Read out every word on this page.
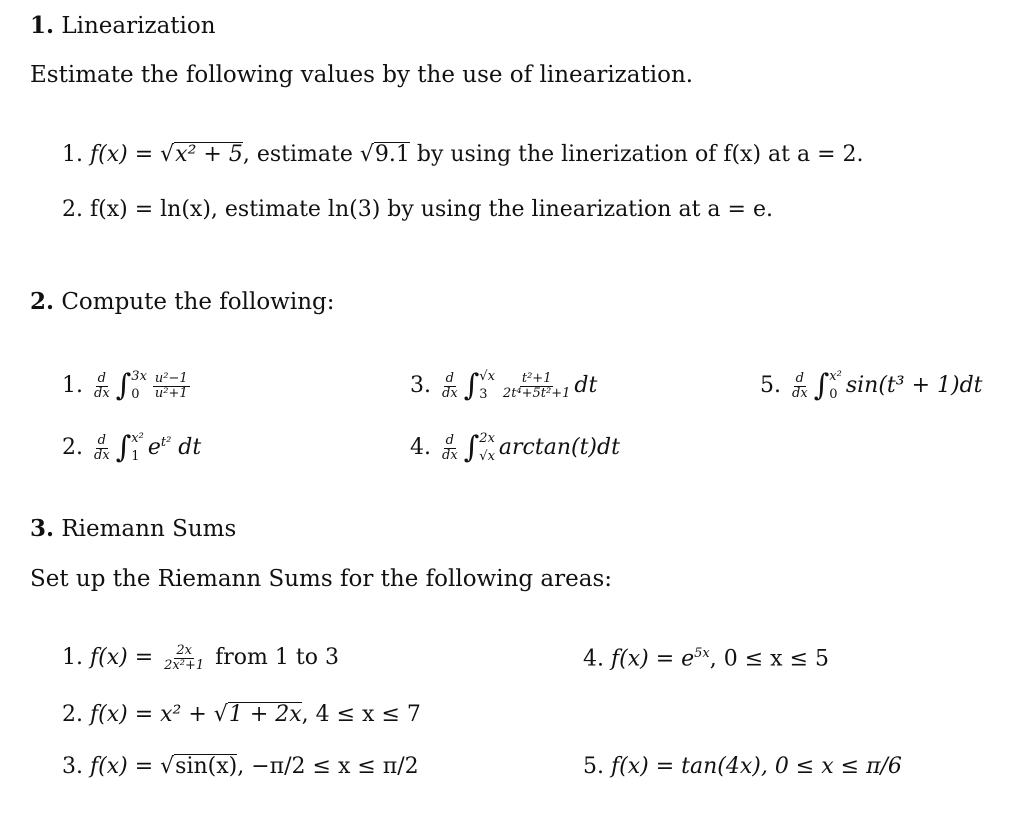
1. Linearization
Estimate the following values by the use of linearization.
1. f(x) = √x² + 5, estimate √9.1 by using the linerization of f(x) at a = 2.
2. f(x) = ln(x), estimate ln(3) by using the linearization at a = e.
2. Compute the following:
1. $\frac{d}{dx}$ ∫ 3x
0	$\frac{\text{u²−1}}{\text{u²+1}}$
2. $\frac{d}{dx}$ ∫ x²
1 $e^{t^2}$ dt
3. $\frac{d}{dx}$ ∫ √x
3	$\frac{\text{t²+1}}{\text{2t⁴+5t²+1}}$ dt
4. $\frac{d}{dx}$ ∫ 2x
√x arctan(t)dt
5. $\frac{d}{dx}$ ∫ x²
0 sin(t³ + 1)dt
3. Riemann Sums
Set up the Riemann Sums for the following areas:
1. $f(x) = \frac{2x}{\text{2x²+1}}$ from 1 to 3
2. f(x) = x² + √1 + 2x, 4 ≤ x ≤ 7
3. f(x) = √sin(x), −π/2 ≤ x ≤ π/2
4. $f(x) = e^{5x}$, 0 ≤ x ≤ 5
5. f(x) = tan(4x), 0 ≤ x ≤ π/6
